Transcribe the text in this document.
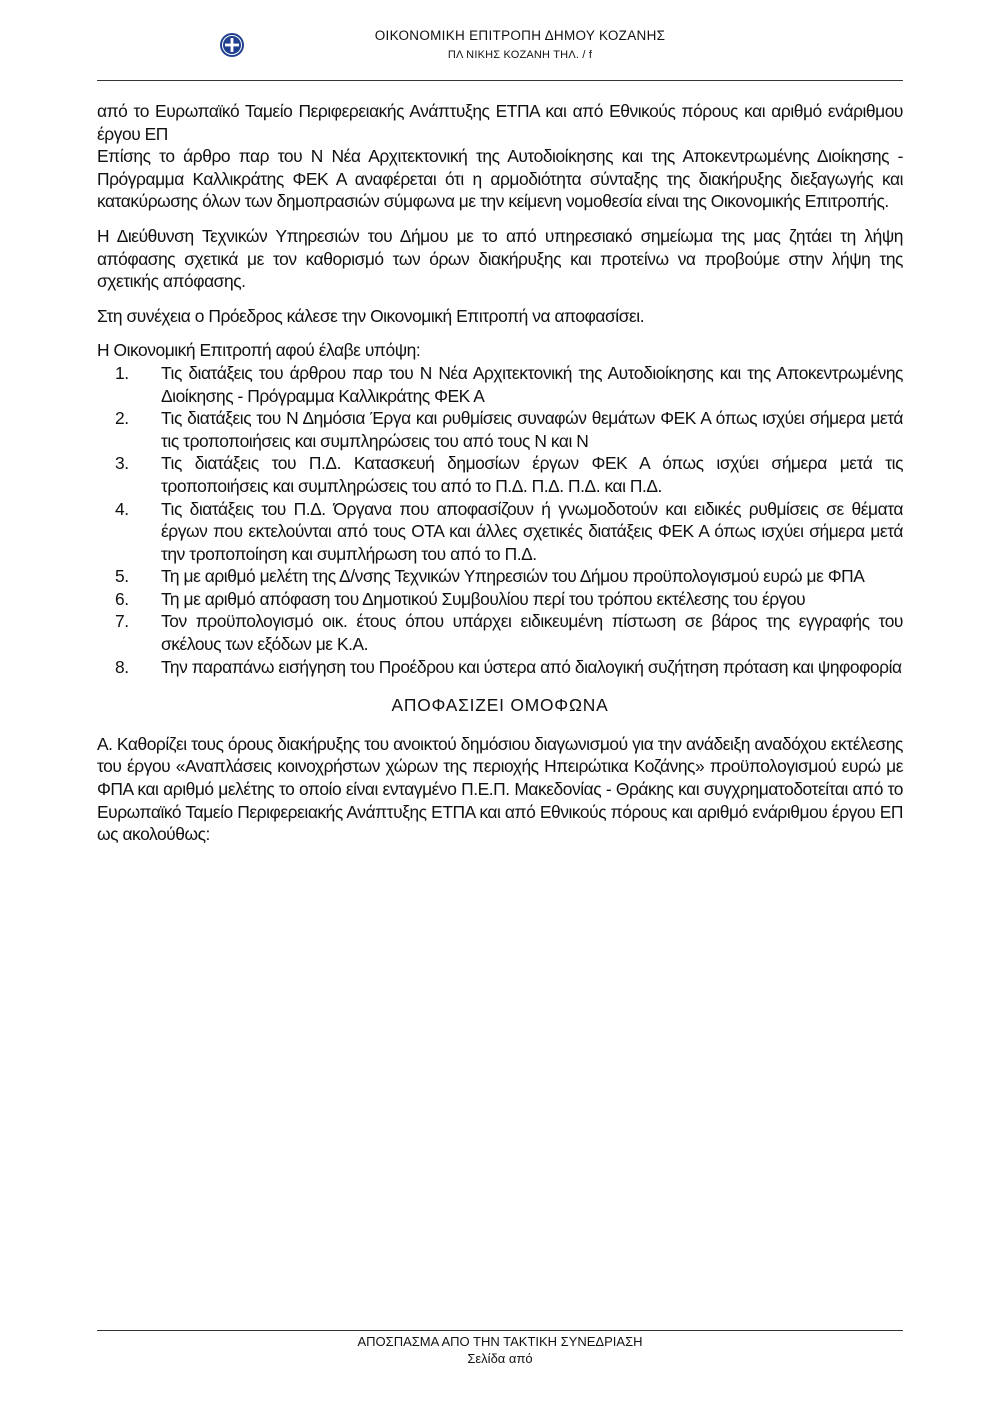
ΟΙΚΟΝΟΜΙΚΗ ΕΠΙΤΡΟΠΗ ΔΗΜΟΥ ΚΟΖΑΝΗΣ
ΠΛ ΝΙΚΗΣ ΚΟΖΑΝΗ ΤΗΛ. / f

από το Ευρωπαϊκό Ταμείο Περιφερειακής Ανάπτυξης ΕΤΠΑ και από Εθνικούς πόρους και αριθμό ενάριθμου έργου ΕΠ

Επίσης το άρθρο παρ του Ν Νέα Αρχιτεκτονική της Αυτοδιοίκησης και της Αποκεντρωμένης Διοίκησης - Πρόγραμμα Καλλικράτης ΦΕΚ Α αναφέρεται ότι η αρμοδιότητα σύνταξης της διακήρυξης διεξαγωγής και κατακύρωσης όλων των δημοπρασιών σύμφωνα με την κείμενη νομοθεσία είναι της Οικονομικής Επιτροπής.

Η Διεύθυνση Τεχνικών Υπηρεσιών του Δήμου με το από υπηρεσιακό σημείωμα της μας ζητάει τη λήψη απόφασης σχετικά με τον καθορισμό των όρων διακήρυξης και προτείνω να προβούμε στην λήψη της σχετικής απόφασης.

Στη συνέχεια ο Πρόεδρος κάλεσε την Οικονομική Επιτροπή να αποφασίσει.

Η Οικονομική Επιτροπή αφού έλαβε υπόψη:

1. Τις διατάξεις του άρθρου παρ του Ν Νέα Αρχιτεκτονική της Αυτοδιοίκησης και της Αποκεντρωμένης Διοίκησης - Πρόγραμμα Καλλικράτης ΦΕΚ Α
2. Τις διατάξεις του Ν Δημόσια Έργα και ρυθμίσεις συναφών θεμάτων ΦΕΚ Α όπως ισχύει σήμερα μετά τις τροποποιήσεις και συμπληρώσεις του από τους Ν και Ν
3. Τις διατάξεις του Π.Δ. Κατασκευή δημοσίων έργων ΦΕΚ Α όπως ισχύει σήμερα μετά τις τροποποιήσεις και συμπληρώσεις του από το Π.Δ. Π.Δ. Π.Δ. και Π.Δ.
4. Τις διατάξεις του Π.Δ. Όργανα που αποφασίζουν ή γνωμοδοτούν και ειδικές ρυθμίσεις σε θέματα έργων που εκτελούνται από τους ΟΤΑ και άλλες σχετικές διατάξεις ΦΕΚ Α όπως ισχύει σήμερα μετά την τροποποίηση και συμπλήρωση του από το Π.Δ.
5. Τη με αριθμό μελέτη της Δ/νσης Τεχνικών Υπηρεσιών του Δήμου προϋπολογισμού ευρώ με ΦΠΑ
6. Τη με αριθμό απόφαση του Δημοτικού Συμβουλίου περί του τρόπου εκτέλεσης του έργου
7. Τον προϋπολογισμό οικ. έτους όπου υπάρχει ειδικευμένη πίστωση σε βάρος της εγγραφής του σκέλους των εξόδων με Κ.Α.
8. Την παραπάνω εισήγηση του Προέδρου και ύστερα από διαλογική συζήτηση πρόταση και ψηφοφορία

ΑΠΟΦΑΣΙΖΕΙ ΟΜΟΦΩΝΑ

Α. Καθορίζει τους όρους διακήρυξης του ανοικτού δημόσιου διαγωνισμού για την ανάδειξη αναδόχου εκτέλεσης του έργου «Αναπλάσεις κοινοχρήστων χώρων της περιοχής Ηπειρώτικα Κοζάνης» προϋπολογισμού ευρώ με ΦΠΑ και αριθμό μελέτης το οποίο είναι ενταγμένο Π.Ε.Π. Μακεδονίας - Θράκης και συγχρηματοδοτείται από το Ευρωπαϊκό Ταμείο Περιφερειακής Ανάπτυξης ΕΤΠΑ και από Εθνικούς πόρους και αριθμό ενάριθμου έργου ΕΠ ως ακολούθως:

ΑΠΟΣΠΑΣΜΑ ΑΠΟ ΤΗΝ ΤΑΚΤΙΚΗ ΣΥΝΕΔΡΙΑΣΗ
Σελίδα από
